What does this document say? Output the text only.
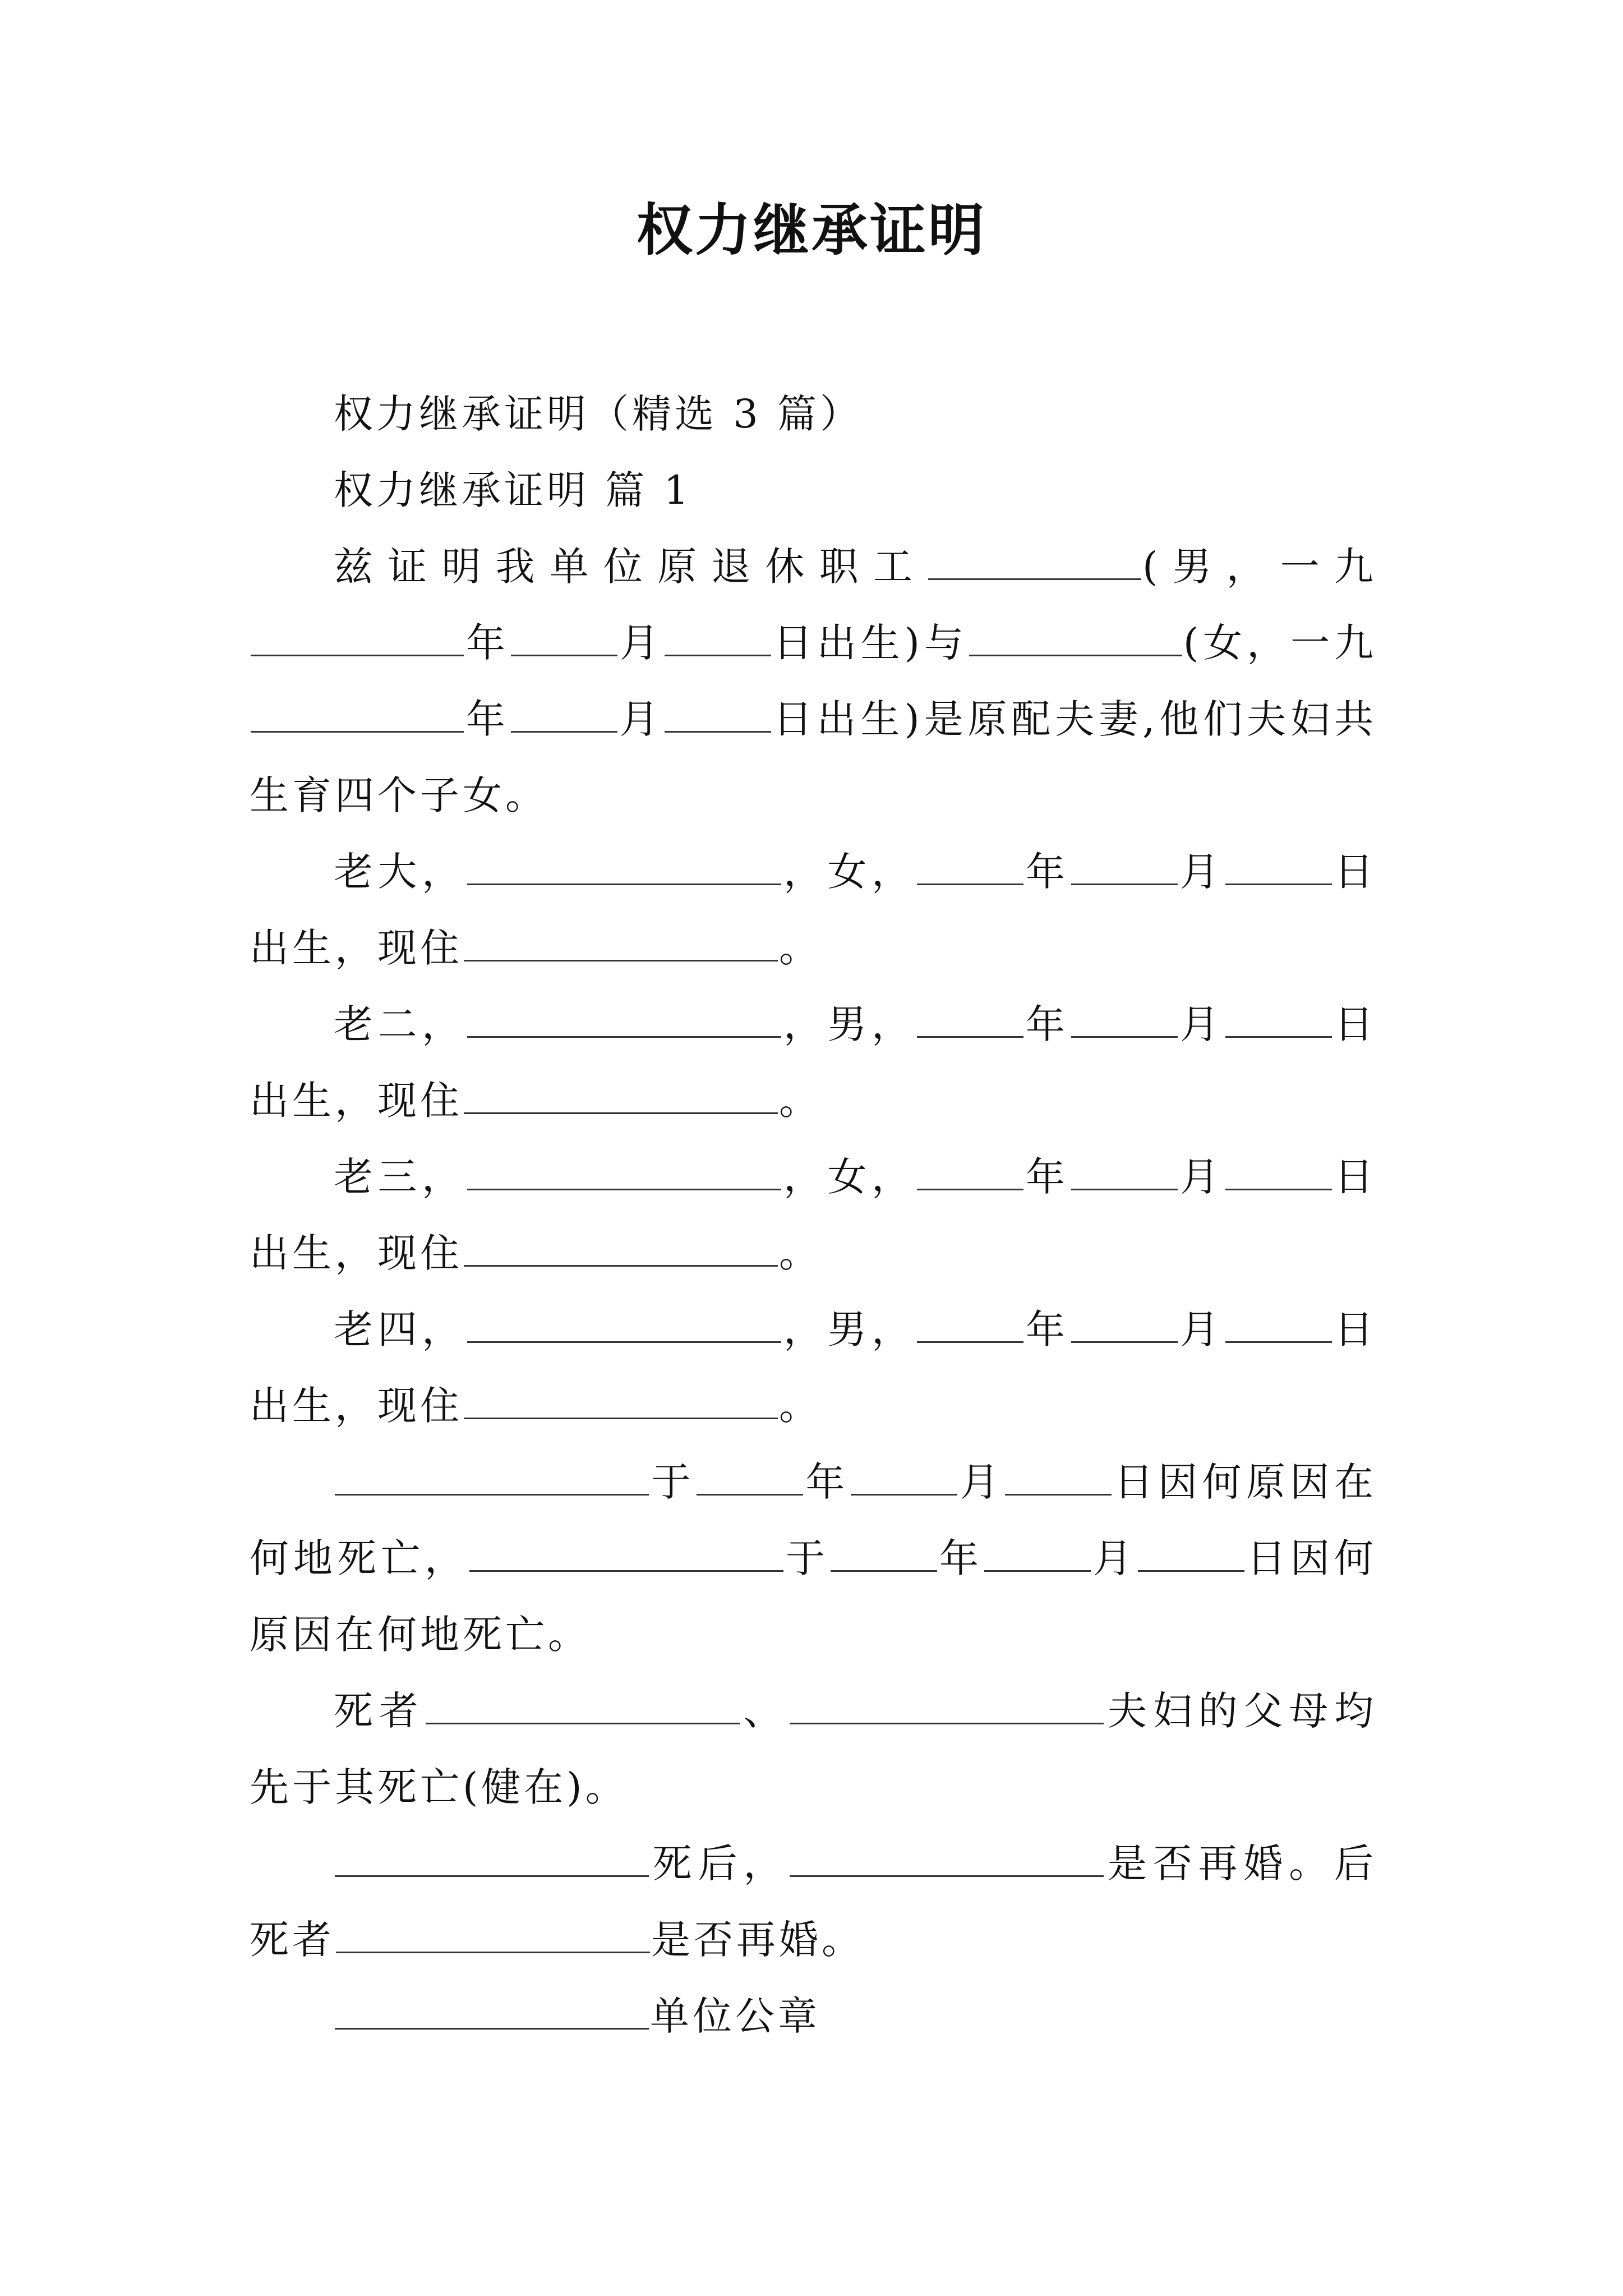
权力继承证明

权力继承证明（精选 3 篇）

权力继承证明 篇 1

兹证明我单位原退休职工	(男，一九年	月	日出生)与	(女，一九年	月	日出生)是原配夫妻,他们夫妇共生育四个子女。

老大，	，女，	年	月	日出生，现住	。

老二，	，男，	年	月	日出生，现住	。

老三，	，女，	年	月	日出生，现住	。

老四，	，男，	年	月	日出生，现住	。

于	年	月	日因何原因在何地死亡，	于	年	月	日因何原因在何地死亡。

死者	、	夫妇的父母均先于其死亡(健在)。

死后，	是否再婚。后死者	是否再婚。

单位公章
